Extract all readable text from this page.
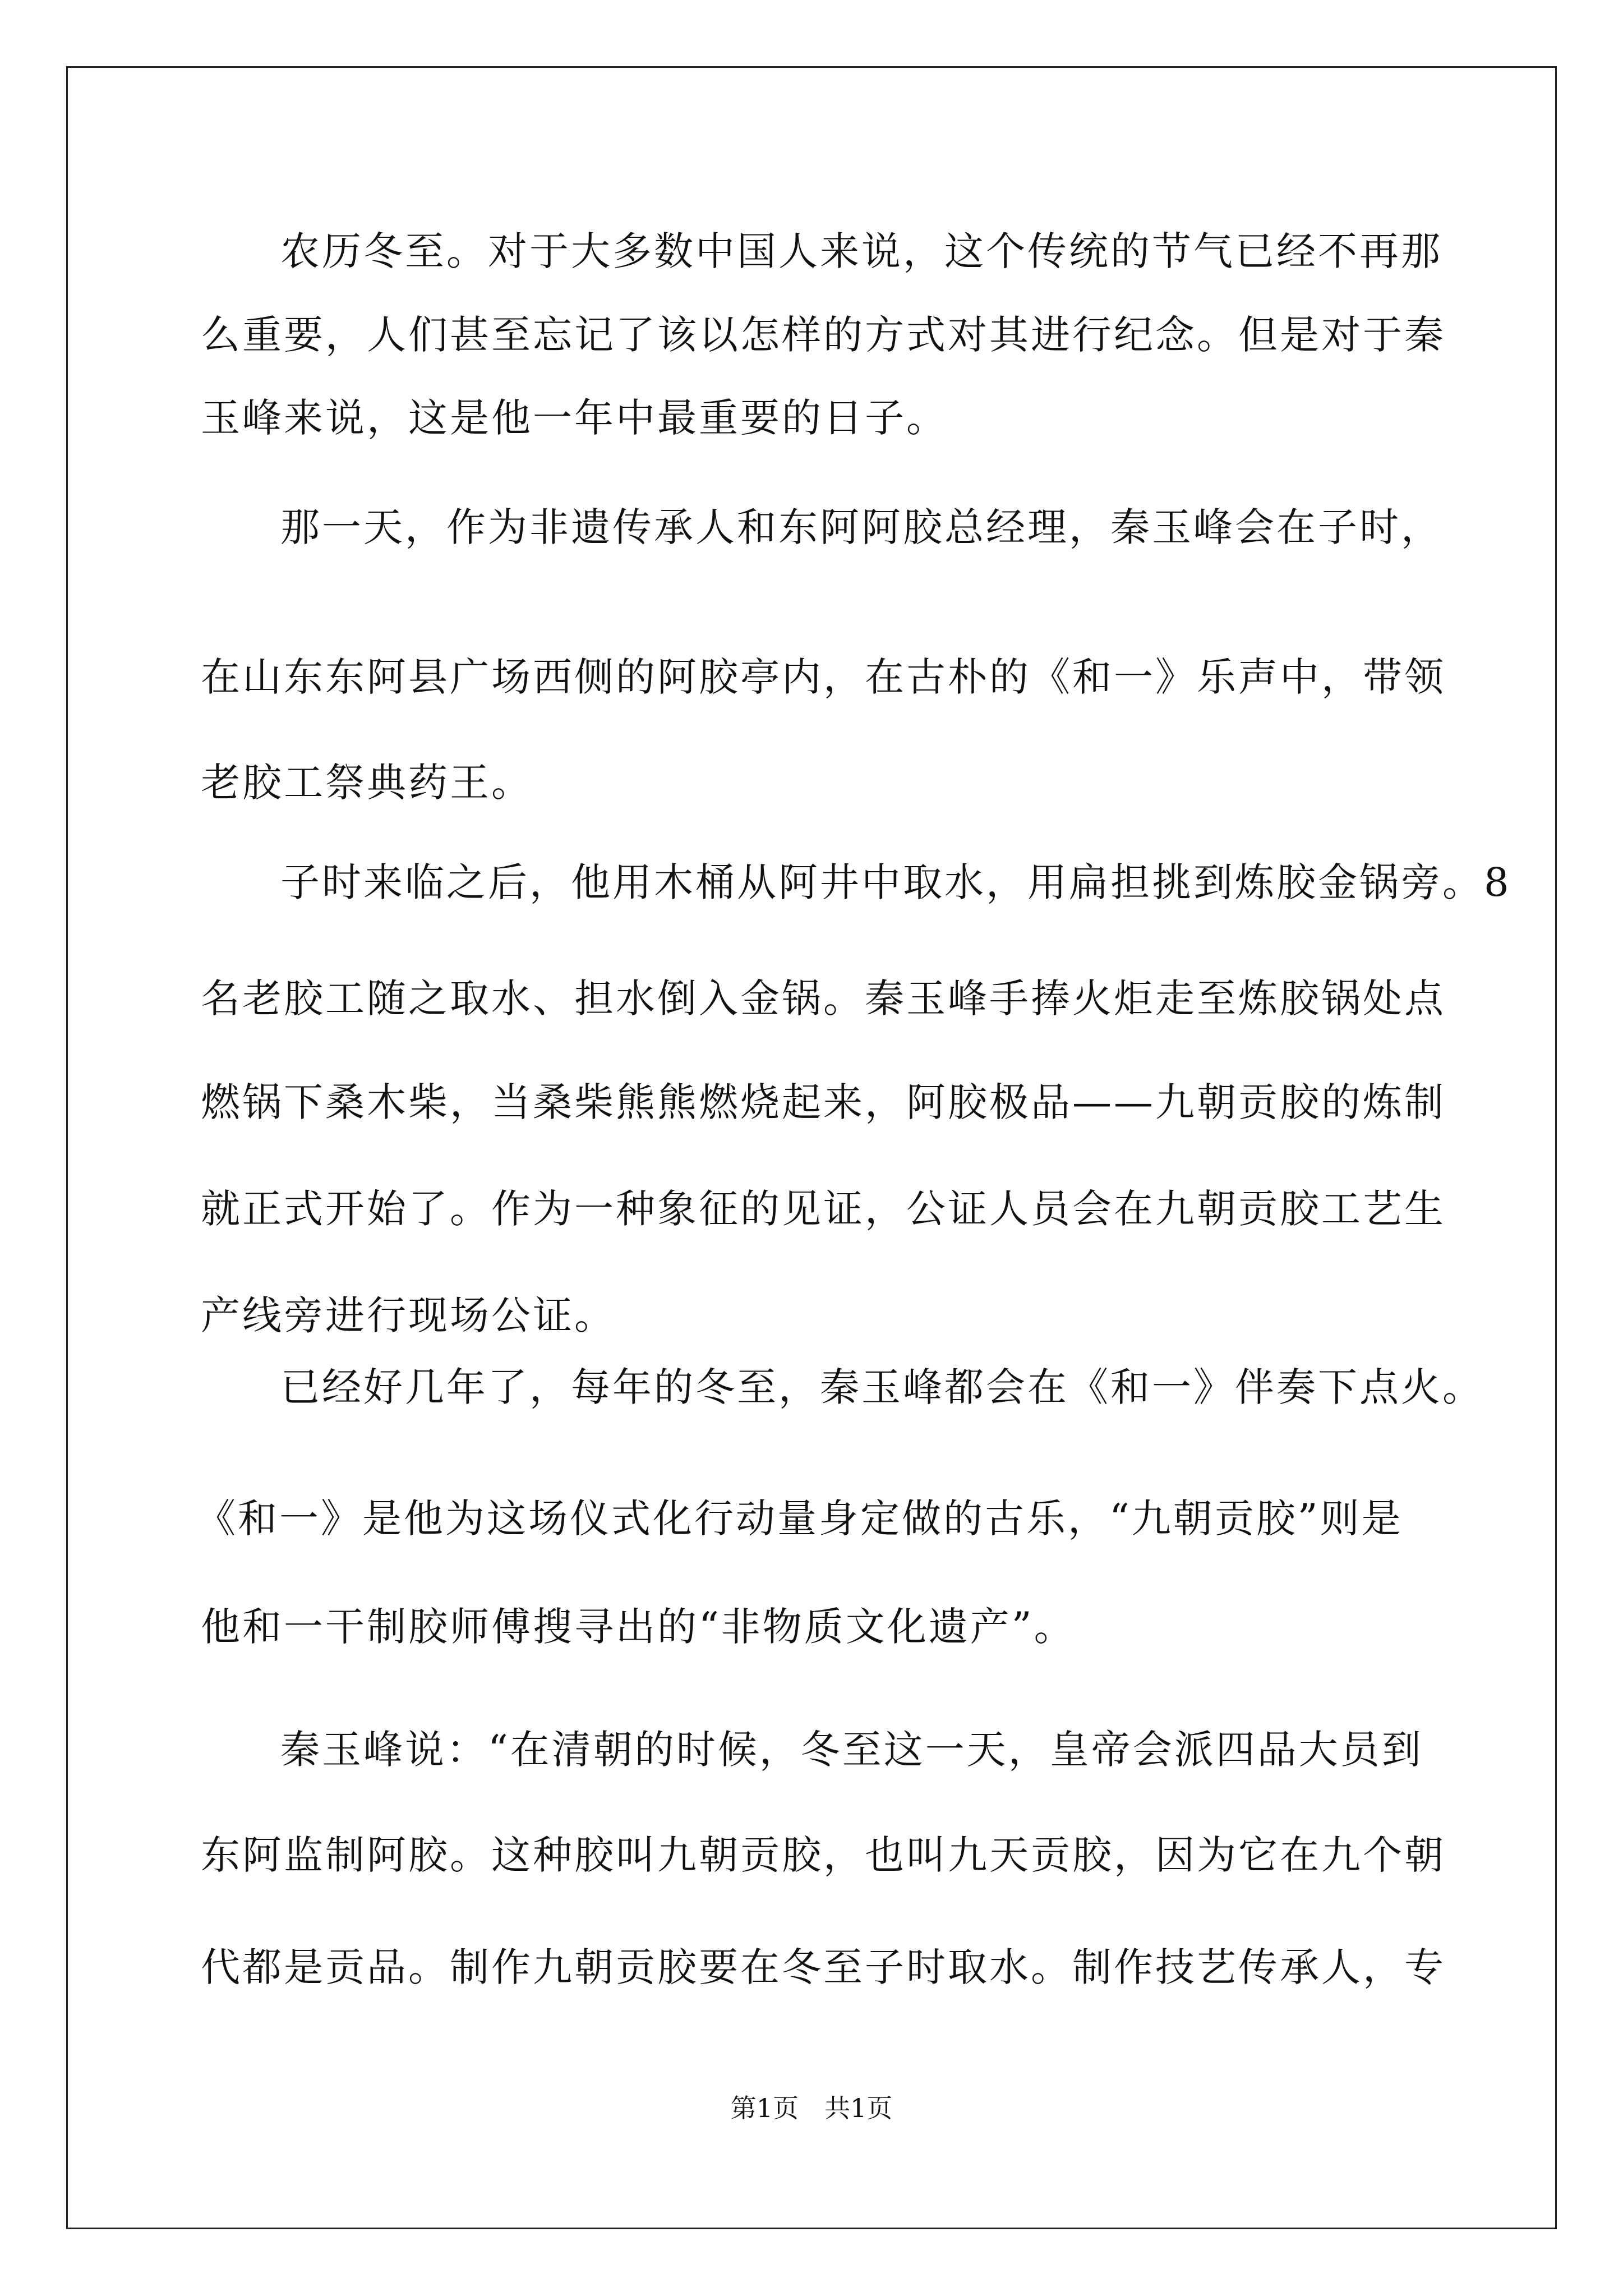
农历冬至。对于大多数中国人来说，这个传统的节气已经不再那
么重要，人们甚至忘记了该以怎样的方式对其进行纪念。但是对于秦
玉峰来说，这是他一年中最重要的日子。
那一天，作为非遗传承人和东阿阿胶总经理，秦玉峰会在子时，
在山东东阿县广场西侧的阿胶亭内，在古朴的《和一》乐声中，带领
老胶工祭典药王。
子时来临之后，他用木桶从阿井中取水，用扁担挑到炼胶金锅旁。8
名老胶工随之取水、担水倒入金锅。秦玉峰手捧火炬走至炼胶锅处点
燃锅下桑木柴，当桑柴熊熊燃烧起来，阿胶极品——九朝贡胶的炼制
就正式开始了。作为一种象征的见证，公证人员会在九朝贡胶工艺生
产线旁进行现场公证。
已经好几年了，每年的冬至，秦玉峰都会在《和一》伴奏下点火。
《和一》是他为这场仪式化行动量身定做的古乐，“九朝贡胶”则是
他和一干制胶师傅搜寻出的“非物质文化遗产”。
秦玉峰说：“在清朝的时候，冬至这一天，皇帝会派四品大员到
东阿监制阿胶。这种胶叫九朝贡胶，也叫九天贡胶，因为它在九个朝
代都是贡品。制作九朝贡胶要在冬至子时取水。制作技艺传承人，专
第1页　共1页
